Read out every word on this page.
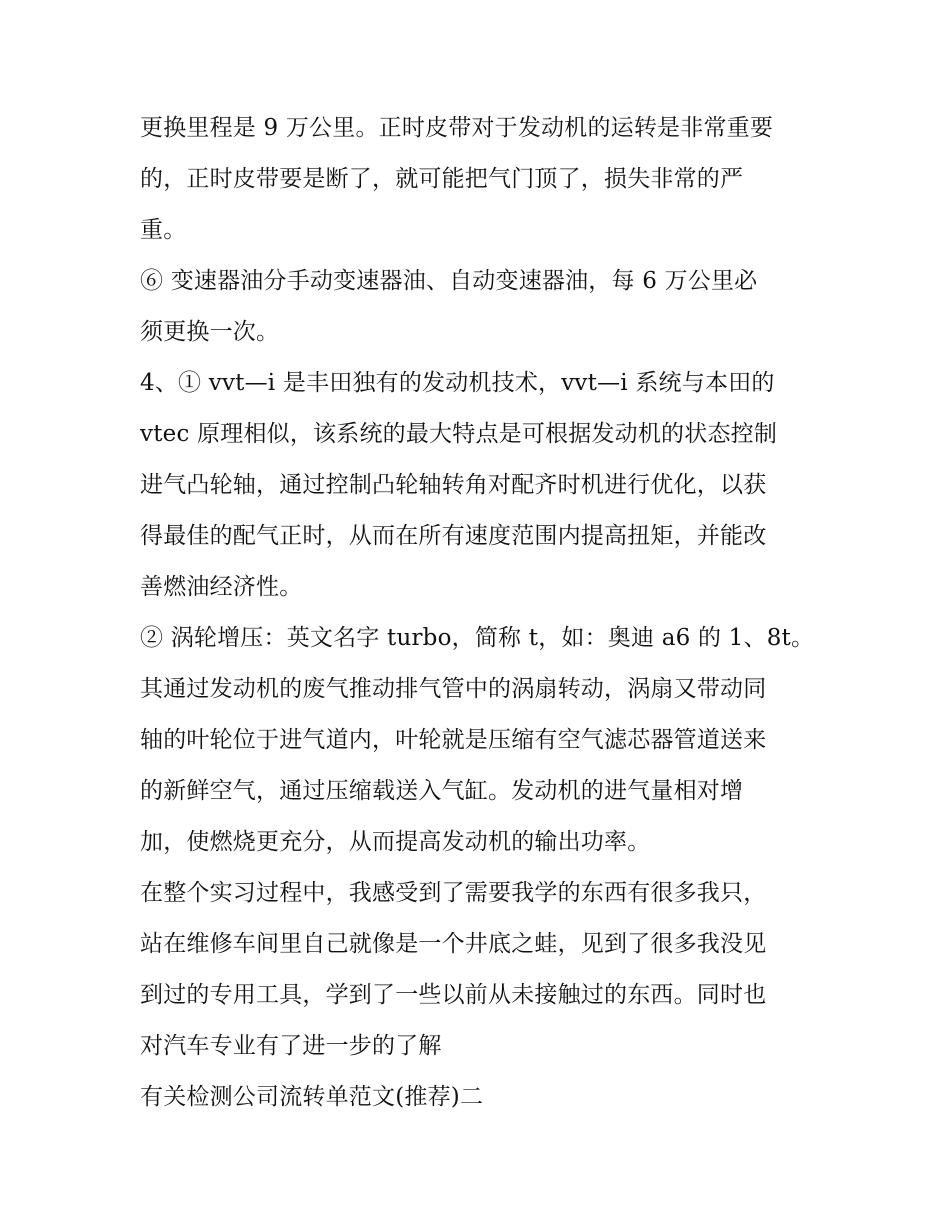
更换里程是 9 万公里。正时皮带对于发动机的运转是非常重要
的，正时皮带要是断了，就可能把气门顶了，损失非常的严
重。
⑥ 变速器油分手动变速器油、自动变速器油，每 6 万公里必
须更换一次。
4、① vvt—i 是丰田独有的发动机技术，vvt—i 系统与本田的
vtec 原理相似，该系统的最大特点是可根据发动机的状态控制
进气凸轮轴，通过控制凸轮轴转角对配齐时机进行优化，以获
得最佳的配气正时，从而在所有速度范围内提高扭矩，并能改
善燃油经济性。
② 涡轮增压：英文名字 turbo，简称 t，如：奥迪 a6 的 1、8t。
其通过发动机的废气推动排气管中的涡扇转动，涡扇又带动同
轴的叶轮位于进气道内，叶轮就是压缩有空气滤芯器管道送来
的新鲜空气，通过压缩载送入气缸。发动机的进气量相对增
加，使燃烧更充分，从而提高发动机的输出功率。
在整个实习过程中，我感受到了需要我学的东西有很多我只，
站在维修车间里自己就像是一个井底之蛙，见到了很多我没见
到过的专用工具，学到了一些以前从未接触过的东西。同时也
对汽车专业有了进一步的了解
有关检测公司流转单范文(推荐)二
